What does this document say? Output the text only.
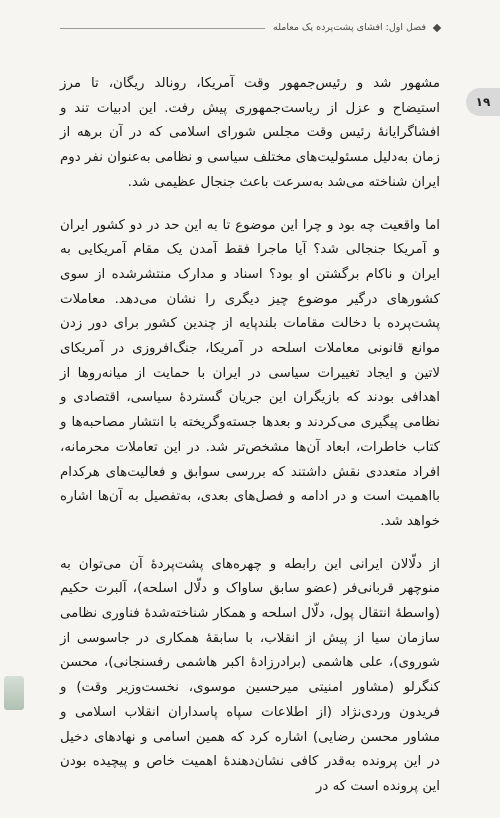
فصل اول: افشای پشت‌پرده یک معامله
۱۹

مشهور شد و رئیس‌جمهور وقت آمریکا، رونالد ریگان، تا مرز استیضاح و عزل از ریاست‌جمهوری پیش رفت. این ادبیات تند و افشاگرایانهٔ رئیس وقت مجلس شورای اسلامی که در آن برهه از زمان به‌دلیل مسئولیت‌های مختلف سیاسی و نظامی به‌عنوان نفر دوم ایران شناخته می‌شد به‌سرعت باعث جنجال عظیمی شد.

اما واقعیت چه بود و چرا این موضوع تا به این حد در دو کشور ایران و آمریکا جنجالی شد؟ آیا ماجرا فقط آمدن یک مقام آمریکایی به ایران و ناکام برگشتن او بود؟ اسناد و مدارک منتشرشده از سوی کشورهای درگیر موضوع چیز دیگری را نشان می‌دهد. معاملات پشت‌پرده با دخالت مقامات بلندپایه از چندین کشور برای دور زدن موانع قانونی معاملات اسلحه در آمریکا، جنگ‌افروزی در آمریکای لاتین و ایجاد تغییرات سیاسی در ایران با حمایت از میانه‌روها از اهدافی بودند که بازیگران این جریان گستردهٔ سیاسی، اقتصادی و نظامی پیگیری می‌کردند و بعدها جسته‌وگریخته با انتشار مصاحبه‌ها و کتاب خاطرات، ابعاد آن‌ها مشخص‌تر شد. در این تعاملات محرمانه، افراد متعددی نقش داشتند که بررسی سوابق و فعالیت‌های هرکدام بااهمیت است و در ادامه و فصل‌های بعدی، به‌تفصیل به آن‌ها اشاره خواهد شد.

از دلّالان ایرانی این رابطه و چهره‌های پشت‌پردهٔ آن می‌توان به منوچهر قربانی‌فر (عضو سابق ساواک و دلّال اسلحه)، آلبرت حکیم (واسطهٔ انتقال پول، دلّال اسلحه و همکار شناخته‌شدهٔ فناوری نظامی سازمان سیا از پیش از انقلاب، با سابقهٔ همکاری در جاسوسی از شوروی)، علی هاشمی (برادرزادهٔ اکبر هاشمی رفسنجانی)، محسن کنگرلو (مشاور امنیتی میرحسین موسوی، نخست‌وزیر وقت) و فریدون وردی‌نژاد (از اطلاعات سپاه پاسداران انقلاب اسلامی و مشاور محسن رضایی) اشاره کرد که همین اسامی و نهادهای دخیل در این پرونده به‌قدر کافی نشان‌دهندهٔ اهمیت خاص و پیچیده بودن این پرونده است که در
